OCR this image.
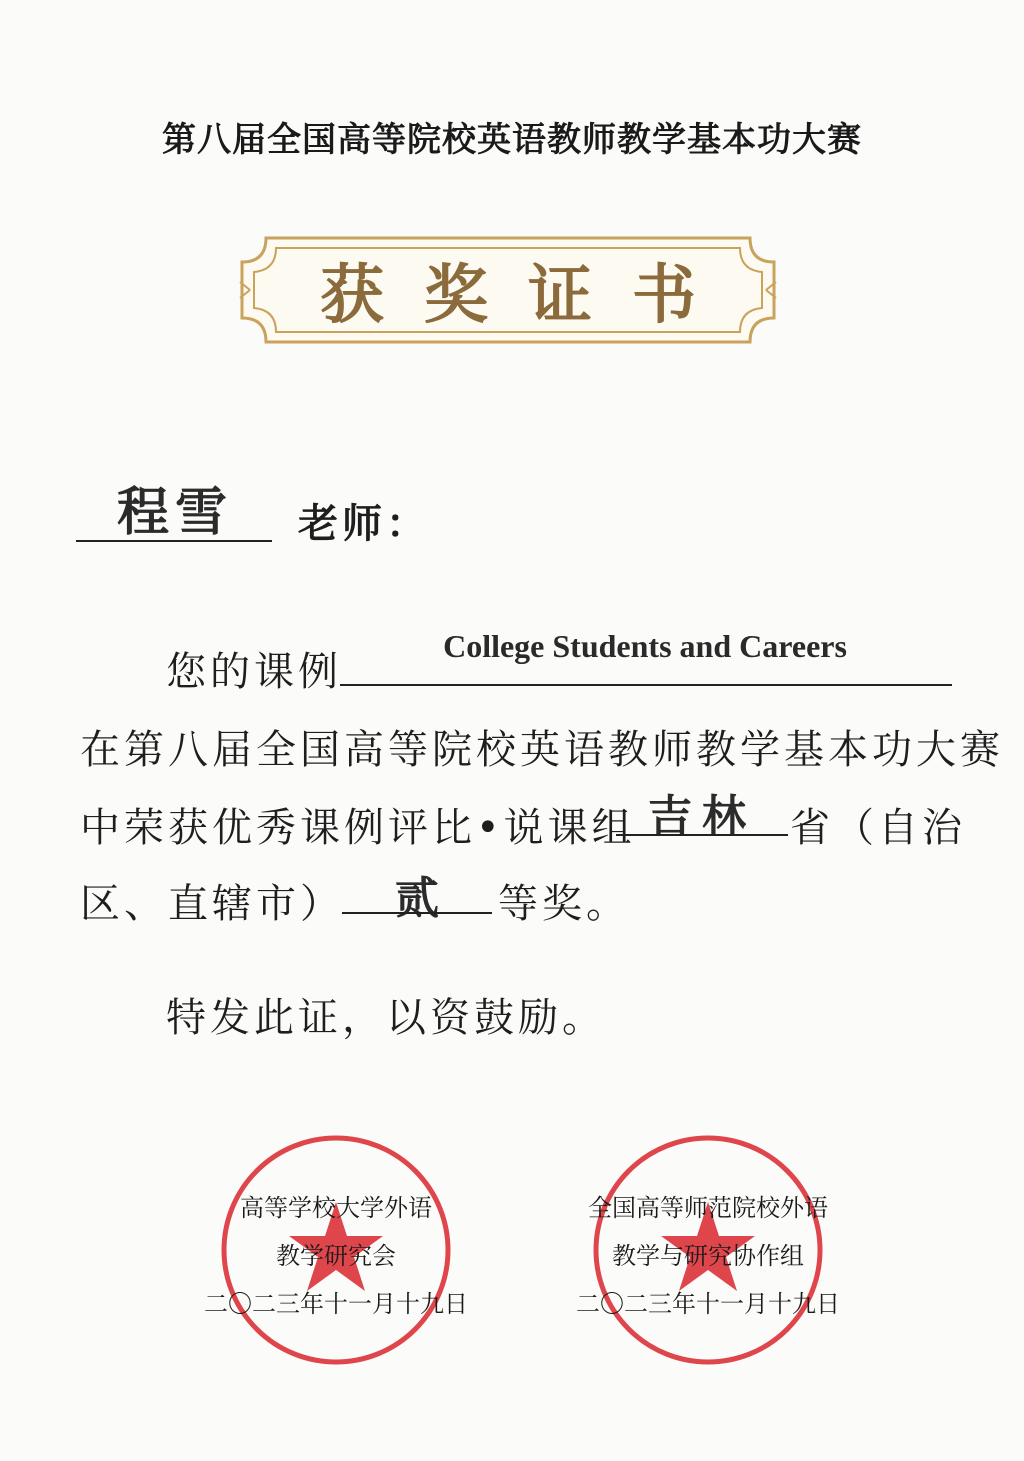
第八届全国高等院校英语教师教学基本功大赛
获奖证书
程雪	老师：
您的课例
College Students and Careers
在第八届全国高等院校英语教师教学基本功大赛
中荣获优秀课例评比•说课组 吉林 省（自治
区、直辖市）	贰	等奖。
特发此证，以资鼓励。
高等学校大学外语
教学研究会
二〇二三年十一月十九日
全国高等师范院校外语
教学与研究协作组
二〇二三年十一月十九日
